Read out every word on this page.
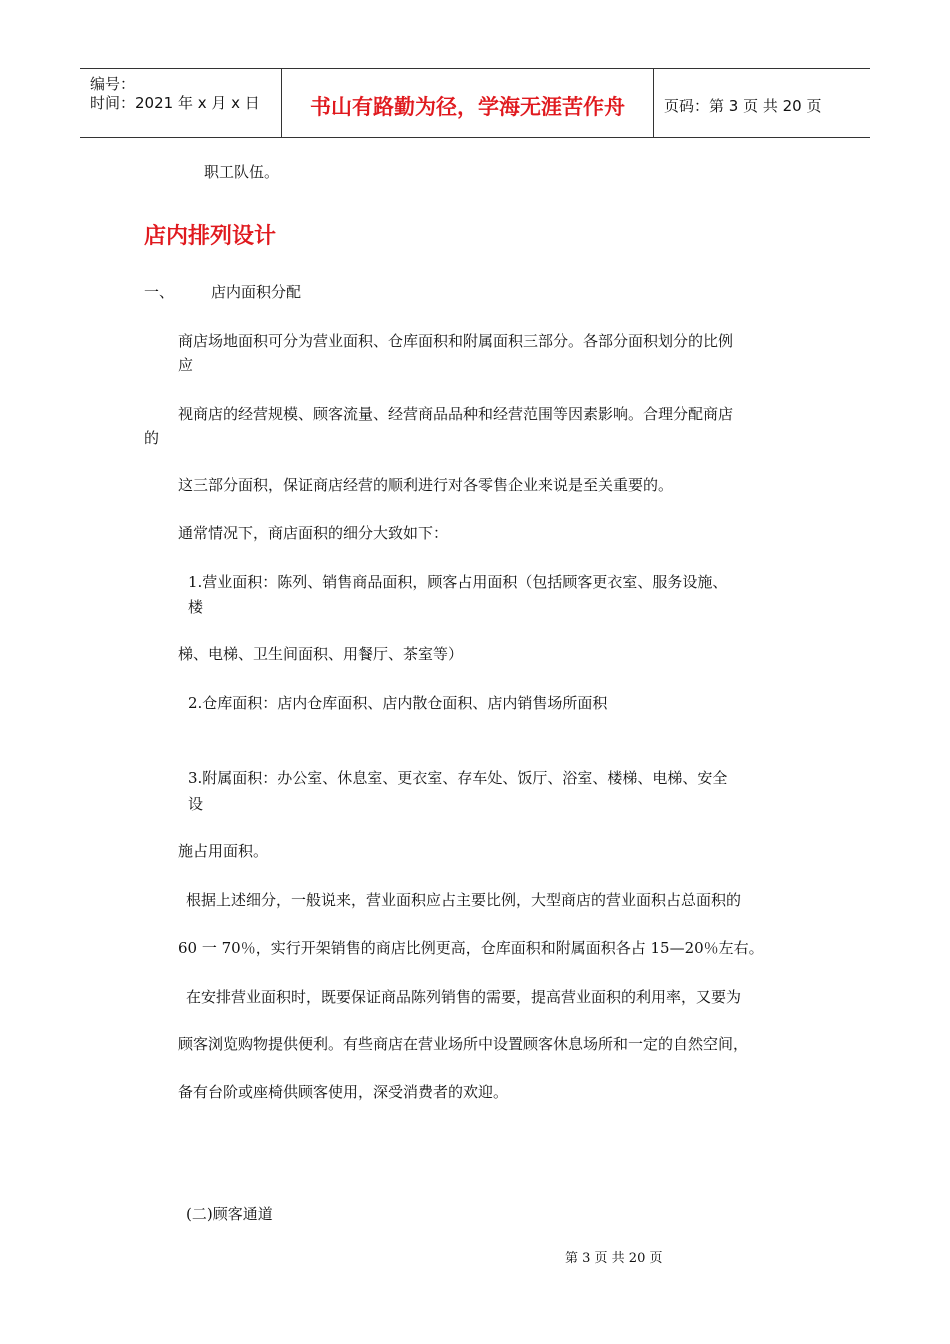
编号：
时间：2021 年 x 月 x 日	书山有路勤为径，学海无涯苦作舟	页码：第 3 页 共 20 页
职工队伍。
店内排列设计
一、 店内面积分配
商店场地面积可分为营业面积、仓库面积和附属面积三部分。各部分面积划分的比例
应
视商店的经营规模、顾客流量、经营商品品种和经营范围等因素影响。合理分配商店
的
这三部分面积，保证商店经营的顺利进行对各零售企业来说是至关重要的。
通常情况下，商店面积的细分大致如下：
1.营业面积：陈列、销售商品面积，顾客占用面积（包括顾客更衣室、服务设施、
楼
梯、电梯、卫生间面积、用餐厅、茶室等）
2.仓库面积：店内仓库面积、店内散仓面积、店内销售场所面积
3.附属面积：办公室、休息室、更衣室、存车处、饭厅、浴室、楼梯、电梯、安全
设
施占用面积。
根据上述细分，一般说来，营业面积应占主要比例，大型商店的营业面积占总面积的
60 一 70％，实行开架销售的商店比例更高，仓库面积和附属面积各占 15—20％左右。
在安排营业面积时，既要保证商品陈列销售的需要，提高营业面积的利用率，又要为
顾客浏览购物提供便利。有些商店在营业场所中设置顾客休息场所和一定的自然空间，
备有台阶或座椅供顾客使用，深受消费者的欢迎。
(二)顾客通道
第 3 页 共 20 页
